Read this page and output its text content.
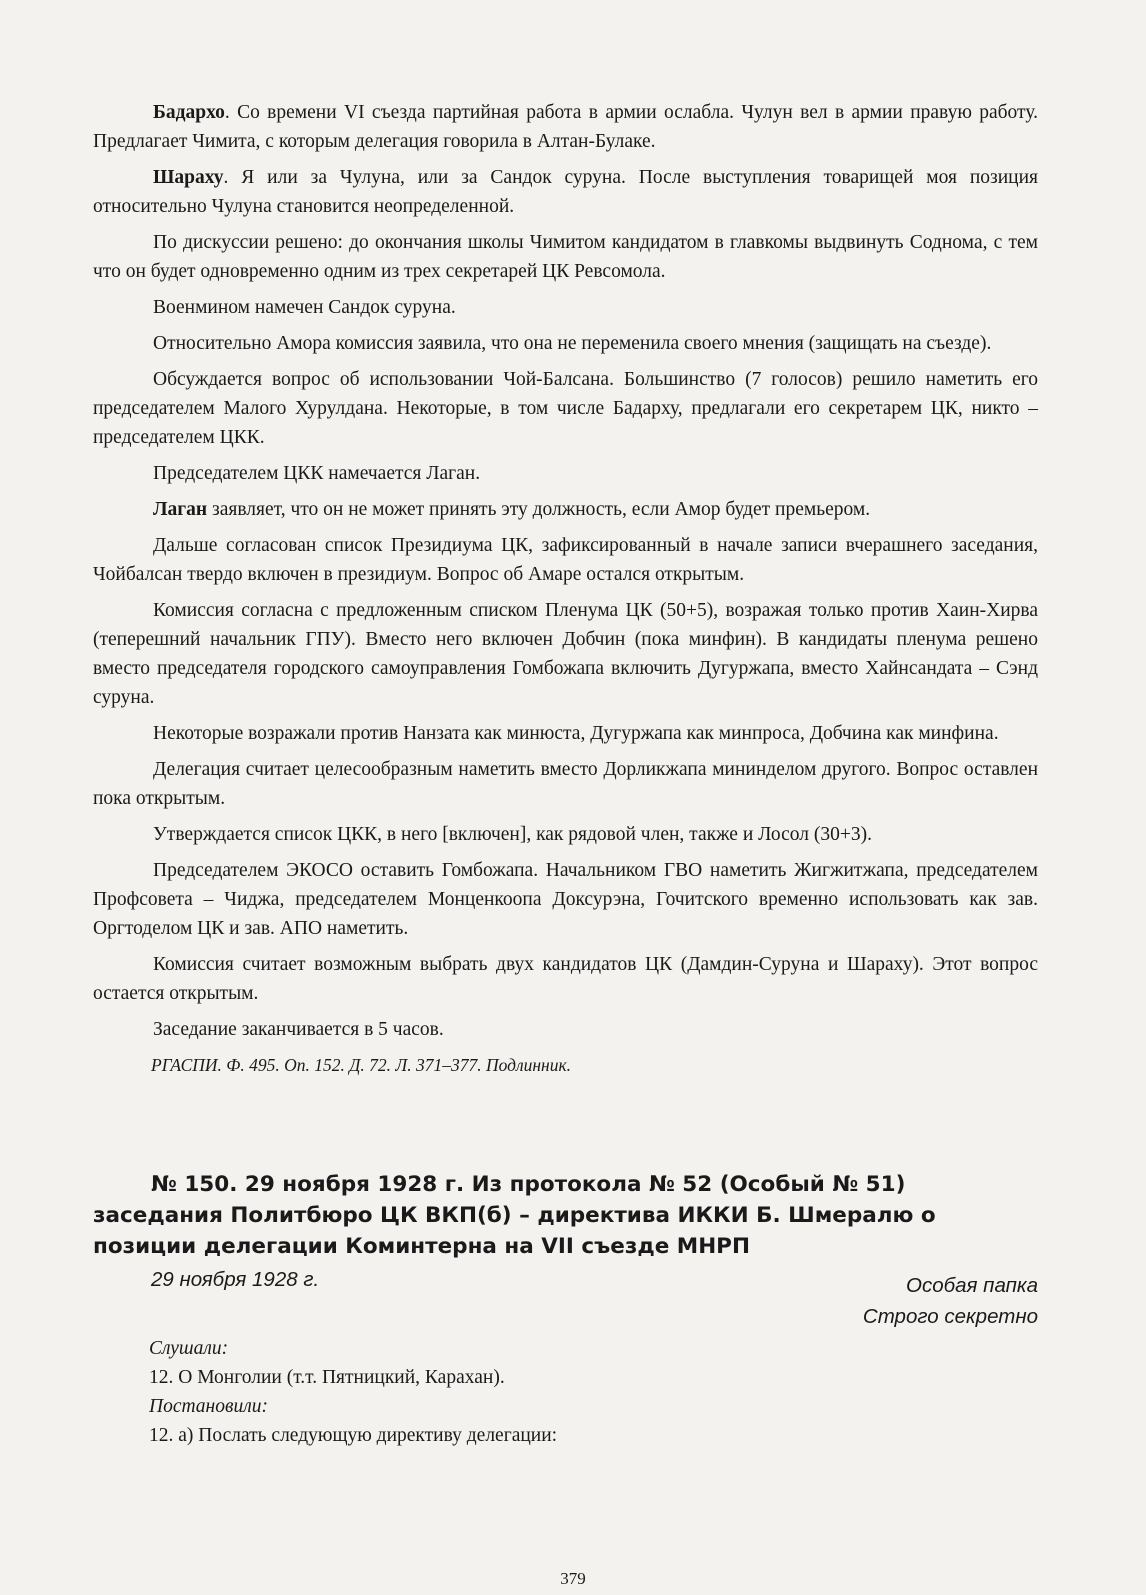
Бадархо. Со времени VI съезда партийная работа в армии ослабла. Чулун вел в армии правую работу. Предлагает Чимита, с которым делегация говорила в Алтан-Булаке.

Шараху. Я или за Чулуна, или за Сандок суруна. После выступления товарищей моя позиция относительно Чулуна становится неопределенной.

По дискуссии решено: до окончания школы Чимитом кандидатом в главкомы выдвинуть Содномa, с тем что он будет одновременно одним из трех секретарей ЦК Ревсомола.

Военмином намечен Сандок суруна.

Относительно Амора комиссия заявила, что она не переменила своего мнения (защищать на съезде).

Обсуждается вопрос об использовании Чой-Балсана. Большинство (7 голосов) решило наметить его председателем Малого Хурулдана. Некоторые, в том числе Бадарху, предлагали его секретарем ЦК, никто – председателем ЦКК.

Председателем ЦКК намечается Лаган.

Лаган заявляет, что он не может принять эту должность, если Амор будет премьером.

Дальше согласован список Президиума ЦК, зафиксированный в начале записи вчерашнего заседания, Чойбалсан твердо включен в президиум. Вопрос об Амаре остался открытым.

Комиссия согласна с предложенным списком Пленума ЦК (50+5), возражая только против Хаин-Хирва (теперешний начальник ГПУ). Вместо него включен Добчин (пока минфин). В кандидаты пленума решено вместо председателя городского самоуправления Гомбожапа включить Дугуржапа, вместо Хайнсандата – Сэнд суруна.

Некоторые возражали против Нанзата как минюста, Дугуржапа как минпроса, Добчина как минфина.

Делегация считает целесообразным наметить вместо Дорликжапа мининделом другого. Вопрос оставлен пока открытым.

Утверждается список ЦКК, в него [включен], как рядовой член, также и Лосол (30+3).

Председателем ЭКОСО оставить Гомбожапа. Начальником ГВО наметить Жигжитжапа, председателем Профсовета – Чиджа, председателем Монценкоопа Доксурэна, Гочитского временно использовать как зав. Оргтоделом ЦК и зав. АПО наметить.

Комиссия считает возможным выбрать двух кандидатов ЦК (Дамдин-Суруна и Шараху). Этот вопрос остается открытым.

Заседание заканчивается в 5 часов.

РГАСПИ. Ф. 495. Оп. 152. Д. 72. Л. 371–377. Подлинник.

№ 150. 29 ноября 1928 г. Из протокола № 52 (Особый № 51) заседания Политбюро ЦК ВКП(б) – директива ИККИ Б. Шмералю о позиции делегации Коминтерна на VII съезде МНРП

29 ноября 1928 г.	Особая папка
Строго секретно
Слушали:
12. О Монголии (т.т. Пятницкий, Карахан).
Постановили:
12. а) Послать следующую директиву делегации:
379
